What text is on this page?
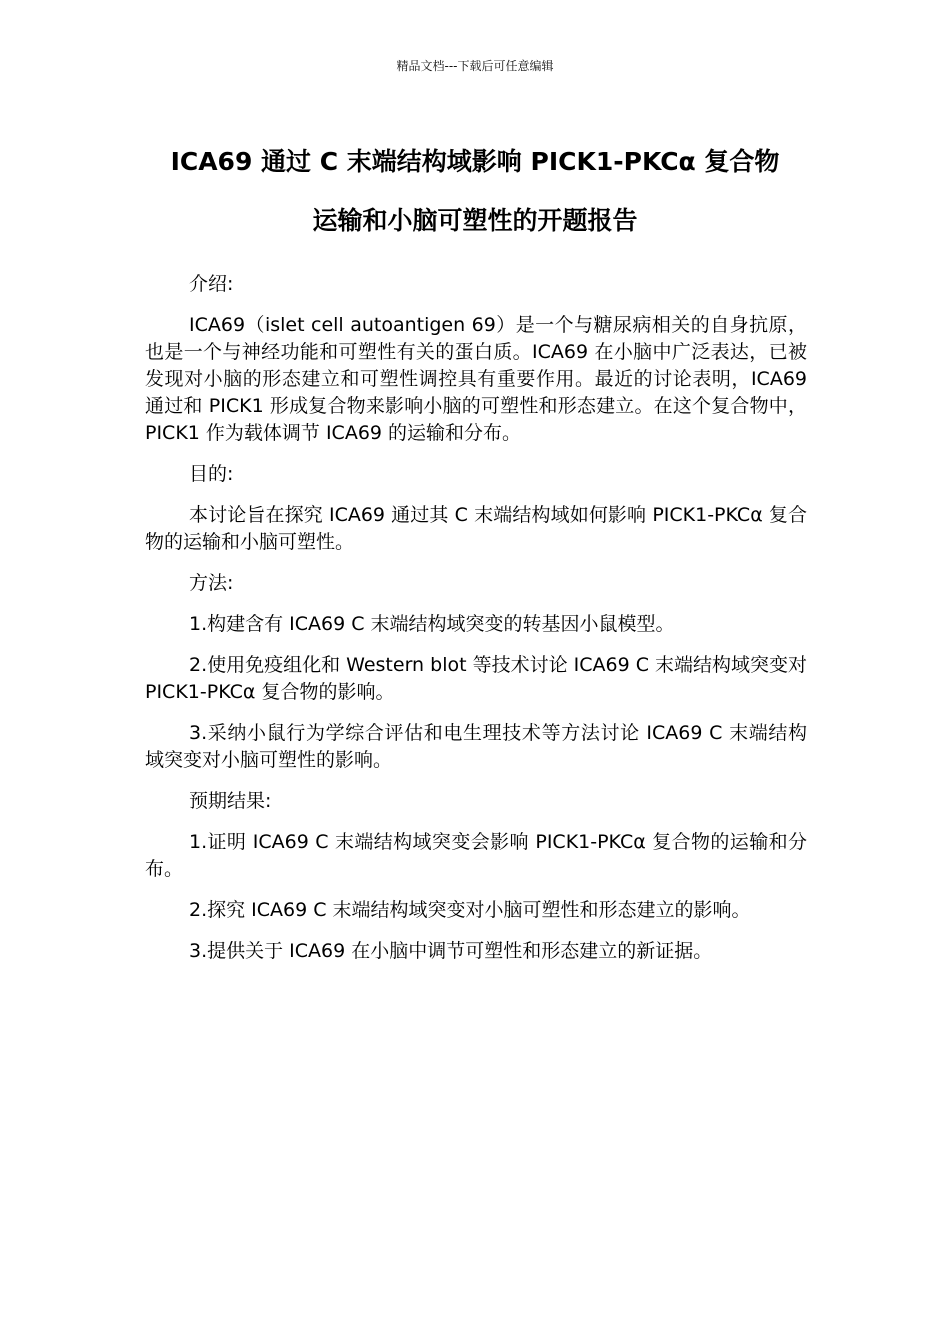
精品文档---下载后可任意编辑
ICA69 通过 C 末端结构域影响 PICK1-PKCα 复合物
运输和小脑可塑性的开题报告

介绍:

ICA69（islet cell autoantigen 69）是一个与糖尿病相关的自身抗原，也是一个与神经功能和可塑性有关的蛋白质。ICA69 在小脑中广泛表达，已被发现对小脑的形态建立和可塑性调控具有重要作用。最近的讨论表明，ICA69 通过和 PICK1 形成复合物来影响小脑的可塑性和形态建立。在这个复合物中，PICK1 作为载体调节 ICA69 的运输和分布。

目的:

本讨论旨在探究 ICA69 通过其 C 末端结构域如何影响 PICK1-PKCα 复合物的运输和小脑可塑性。

方法:

1.构建含有 ICA69 C 末端结构域突变的转基因小鼠模型。

2.使用免疫组化和 Western blot 等技术讨论 ICA69 C 末端结构域突变对 PICK1-PKCα 复合物的影响。

3.采纳小鼠行为学综合评估和电生理技术等方法讨论 ICA69 C 末端结构域突变对小脑可塑性的影响。

预期结果:

1.证明 ICA69 C 末端结构域突变会影响 PICK1-PKCα 复合物的运输和分布。

2.探究 ICA69 C 末端结构域突变对小脑可塑性和形态建立的影响。

3.提供关于 ICA69 在小脑中调节可塑性和形态建立的新证据。
